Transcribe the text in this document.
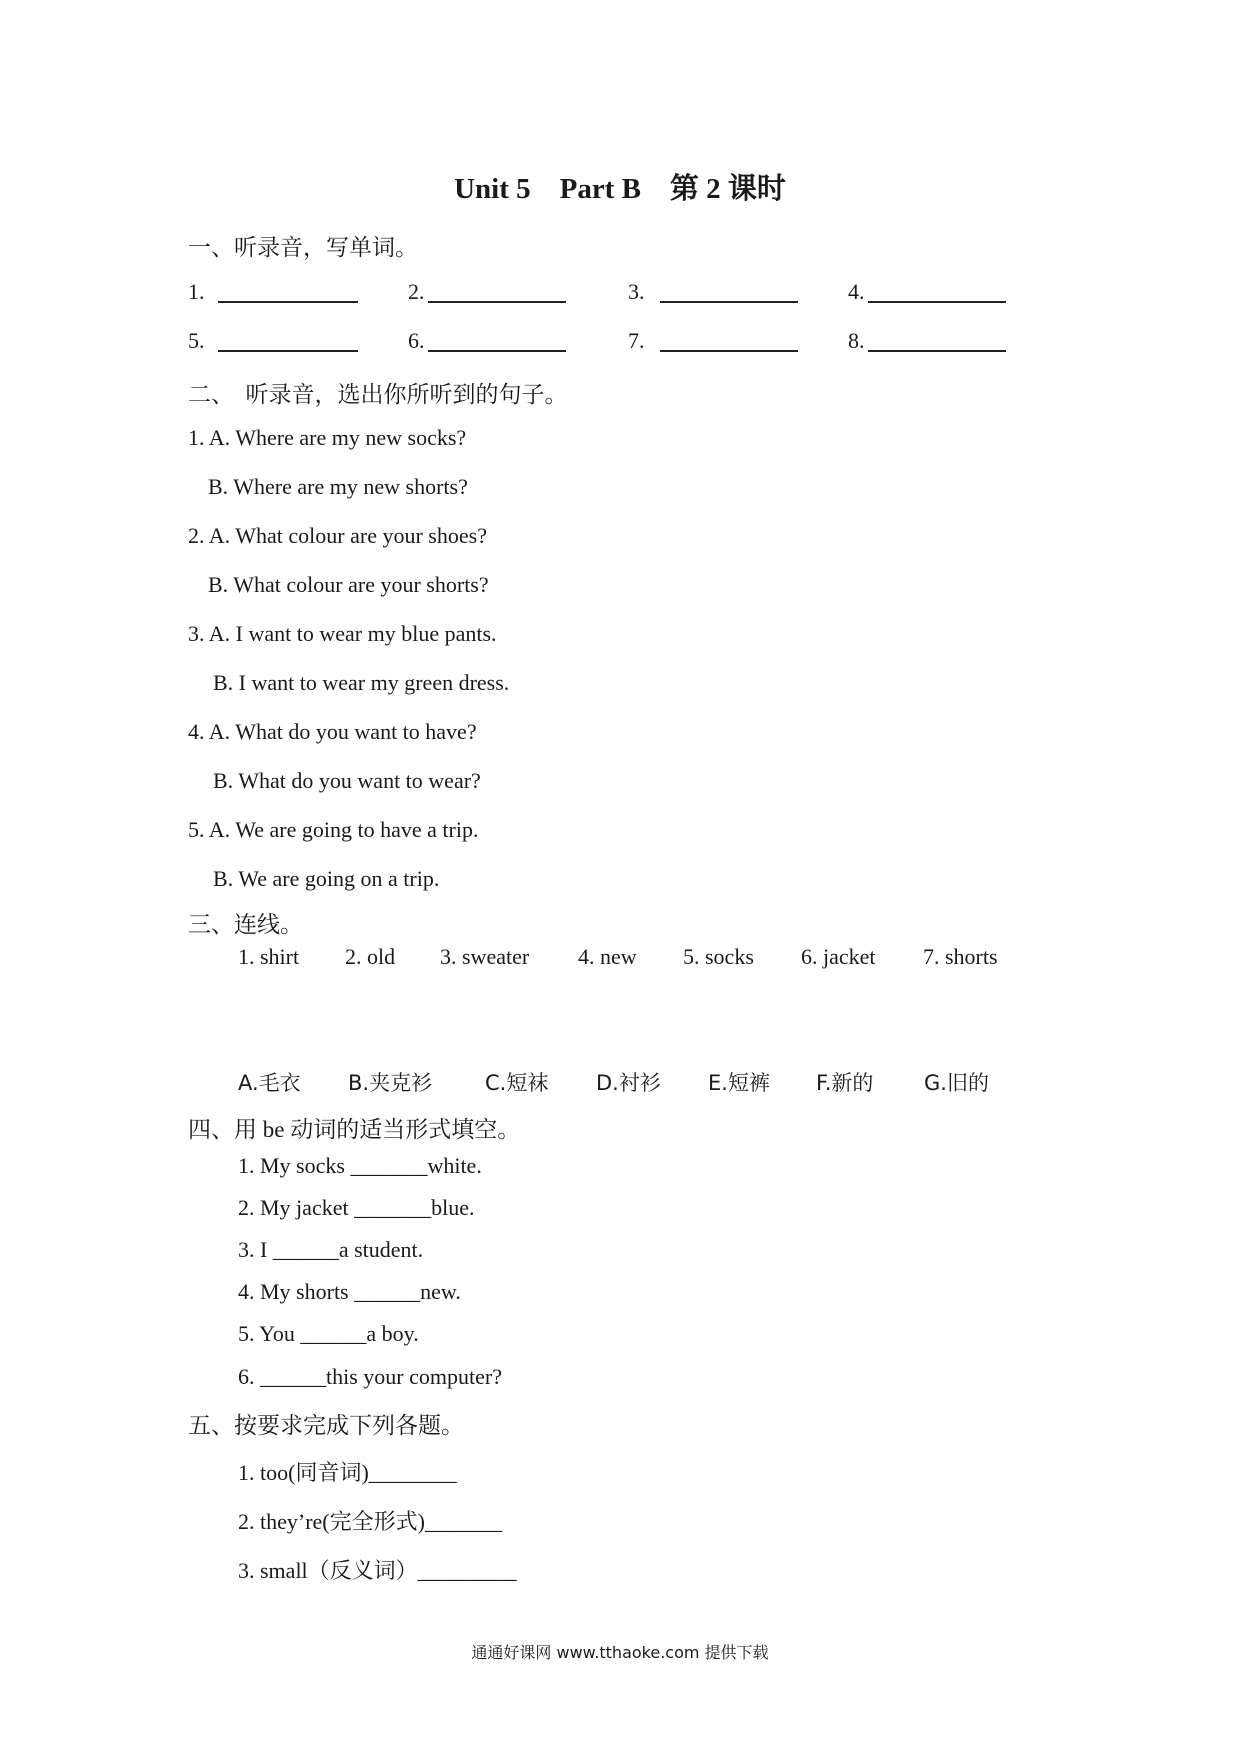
Unit 5　Part B　第 2 课时
一、听录音，写单词。
1.	2.	3.	4.
5.	6.	7.	8.
二、　听录音，选出你所听到的句子。
1. A. Where are my new socks?
B. Where are my new shorts?
2. A. What colour are your shoes?
B. What colour are your shorts?
3. A. I want to wear my blue pants.
B. I want to wear my green dress.
4. A. What do you want to have?
B. What do you want to wear?
5. A. We are going to have a trip.
B. We are going on a trip.
三、连线。
1. shirt 2. old 3. sweater 4. new 5. socks 6. jacket 7. shorts
A.毛衣 B.夹克衫	C.短袜 D.衬衫 E.短裤 F.新的 G.旧的
四、用 be 动词的适当形式填空。
1. My socks _______white.
2. My jacket _______blue.
3. I ______a student.
4. My shorts ______new.
5. You ______a boy.
6. ______this your computer?
五、按要求完成下列各题。
1. too(同音词)________
2. they’re(完全形式)_______
3. small（反义词）_________
通通好课网 www.tthaoke.com 提供下载
